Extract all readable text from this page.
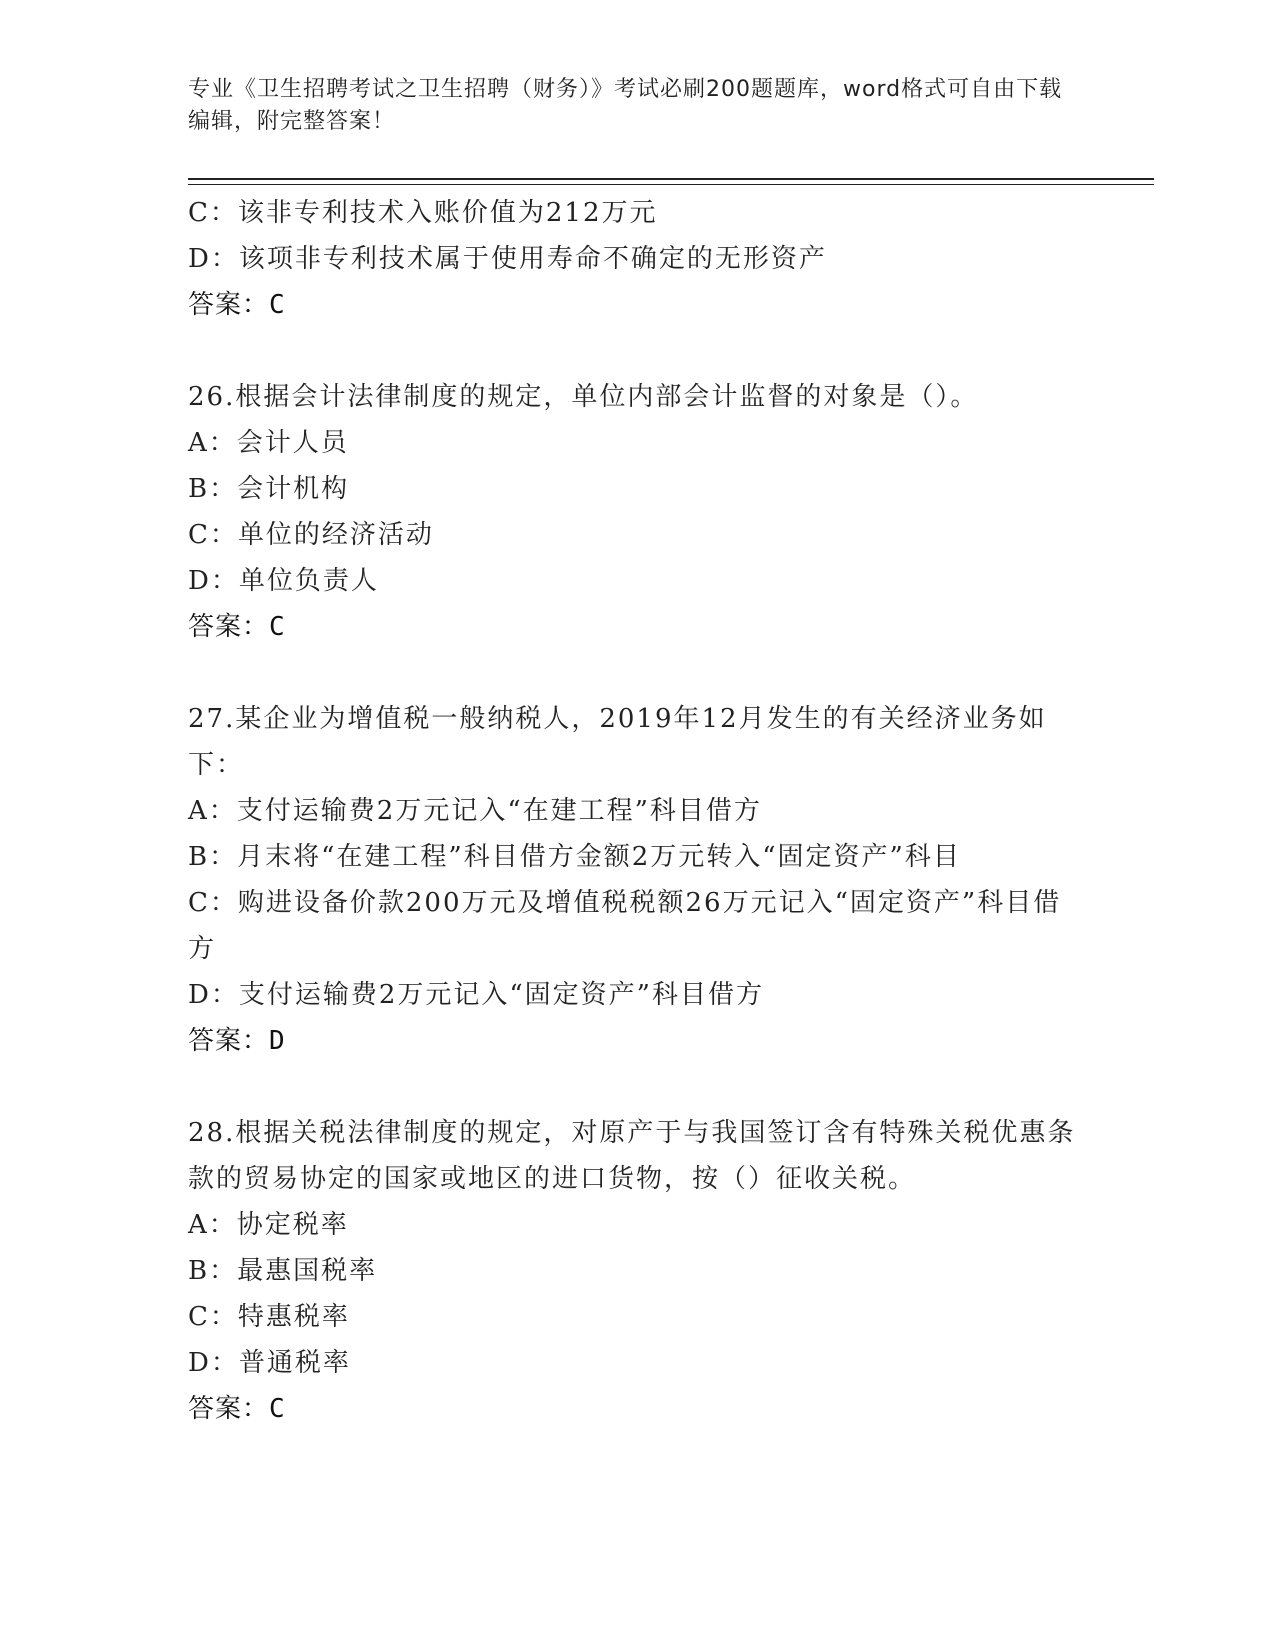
专业《卫生招聘考试之卫生招聘（财务）》考试必刷200题题库，word格式可自由下载编辑，附完整答案！
C：该非专利技术入账价值为212万元
D：该项非专利技术属于使用寿命不确定的无形资产
答案：C
26.根据会计法律制度的规定，单位内部会计监督的对象是（）。
A：会计人员
B：会计机构
C：单位的经济活动
D：单位负责人
答案：C
27.某企业为增值税一般纳税人，2019年12月发生的有关经济业务如下：
A：支付运输费2万元记入“在建工程”科目借方
B：月末将“在建工程”科目借方金额2万元转入“固定资产”科目
C：购进设备价款200万元及增值税税额26万元记入“固定资产”科目借方
D：支付运输费2万元记入“固定资产”科目借方
答案：D
28.根据关税法律制度的规定，对原产于与我国签订含有特殊关税优惠条款的贸易协定的国家或地区的进口货物，按（）征收关税。
A：协定税率
B：最惠国税率
C：特惠税率
D：普通税率
答案：C
